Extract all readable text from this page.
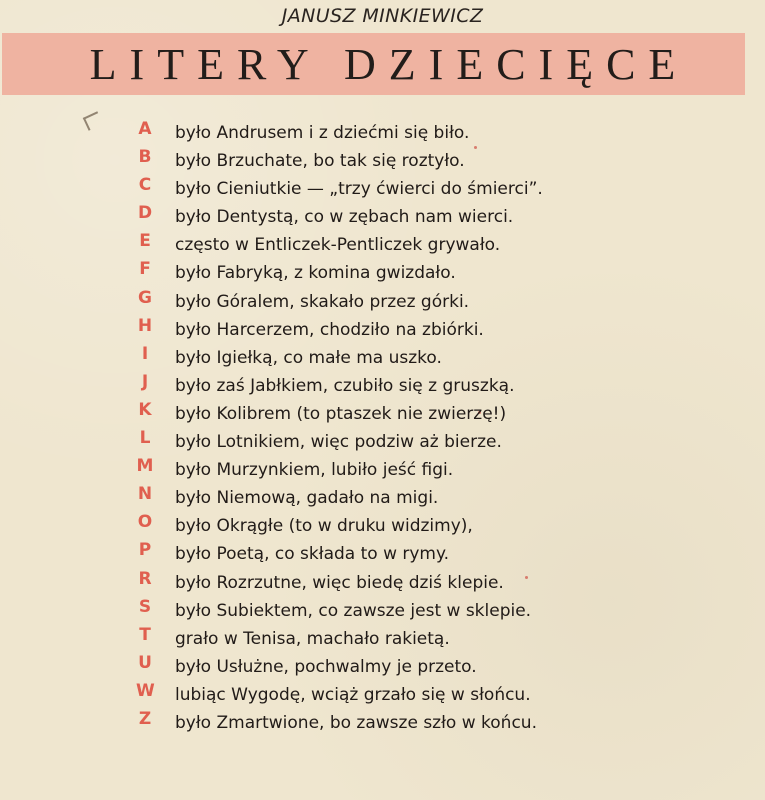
JANUSZ MINKIEWICZ
LITERY DZIECIĘCE
A było Andrusem i z dziećmi się biło.
B było Brzuchate, bo tak się roztyło.
C było Cieniutkie — „trzy ćwierci do śmierci”.
D było Dentystą, co w zębach nam wierci.
E często w Entliczek-Pentliczek grywało.
F było Fabryką, z komina gwizdało.
G było Góralem, skakało przez górki.
H było Harcerzem, chodziło na zbiórki.
I	było Igiełką, co małe ma uszko.
J	było zaś Jabłkiem, czubiło się z gruszką.
K było Kolibrem (to ptaszek nie zwierzę!)
L było Lotnikiem, więc podziw aż bierze.
M było Murzynkiem, lubiło jeść figi.
N było Niemową, gadało na migi.
O było Okrągłe (to w druku widzimy),
P było Poetą, co składa to w rymy.
R było Rozrzutne, więc biedę dziś klepie.
S było Subiektem, co zawsze jest w sklepie.
T grało w Tenisa, machało rakietą.
U było Usłużne, pochwalmy je przeto.
W lubiąc Wygodę, wciąż grzało się w słońcu.
Z było Zmartwione, bo zawsze szło w końcu.
